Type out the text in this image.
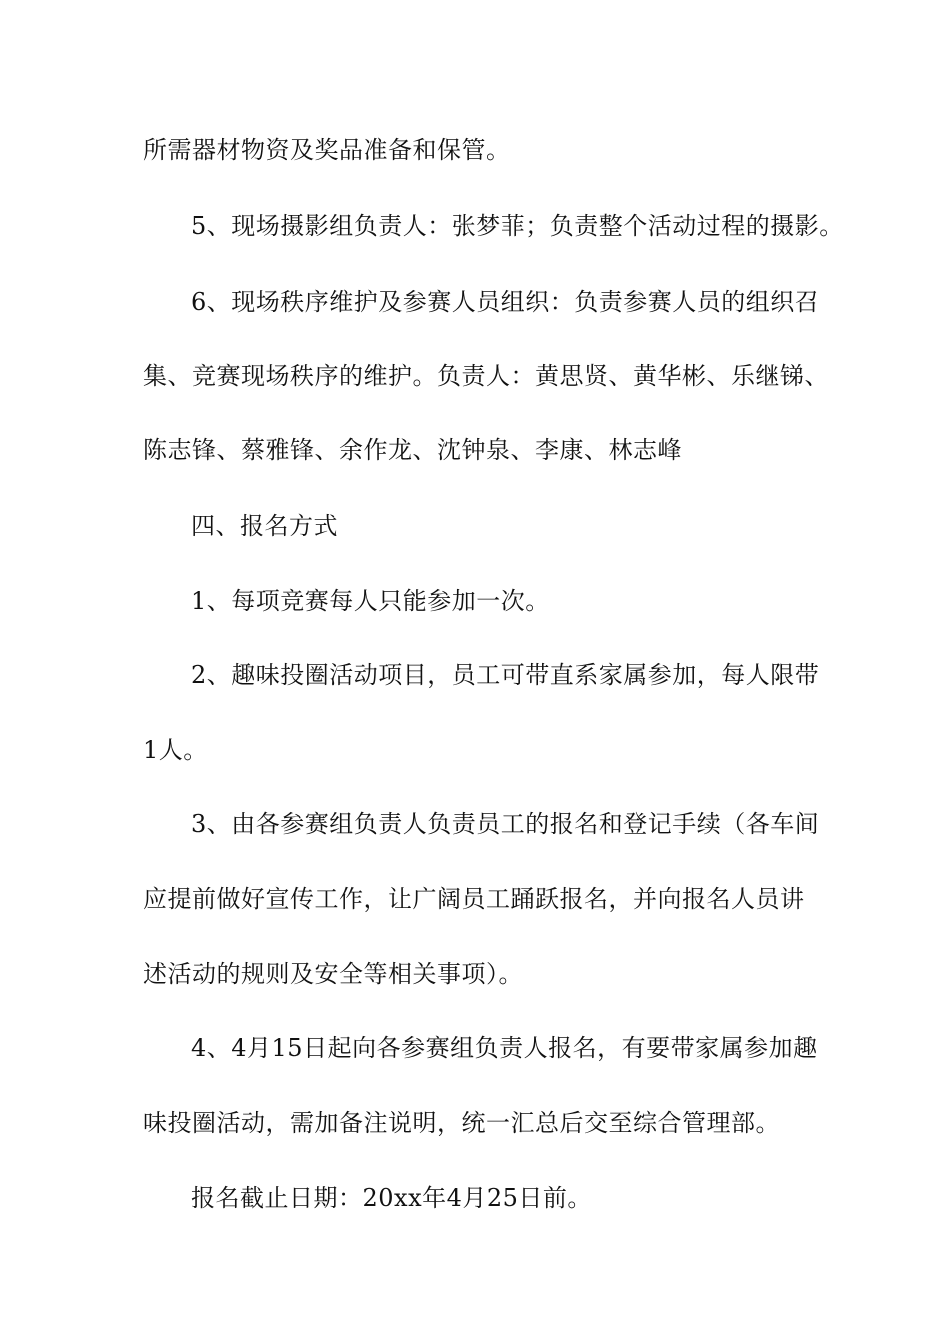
所需器材物资及奖品准备和保管。
5、现场摄影组负责人：张梦菲；负责整个活动过程的摄影。
6、现场秩序维护及参赛人员组织：负责参赛人员的组织召
集、竞赛现场秩序的维护。负责人：黄思贤、黄华彬、乐继锑、
陈志锋、蔡雅锋、余作龙、沈钟泉、李康、林志峰
四、报名方式
1、每项竞赛每人只能参加一次。
2、趣味投圈活动项目，员工可带直系家属参加，每人限带
1人。
3、由各参赛组负责人负责员工的报名和登记手续（各车间
应提前做好宣传工作，让广阔员工踊跃报名，并向报名人员讲
述活动的规则及安全等相关事项）。
4、4月15日起向各参赛组负责人报名，有要带家属参加趣
味投圈活动，需加备注说明，统一汇总后交至综合管理部。
报名截止日期：20xx年4月25日前。
